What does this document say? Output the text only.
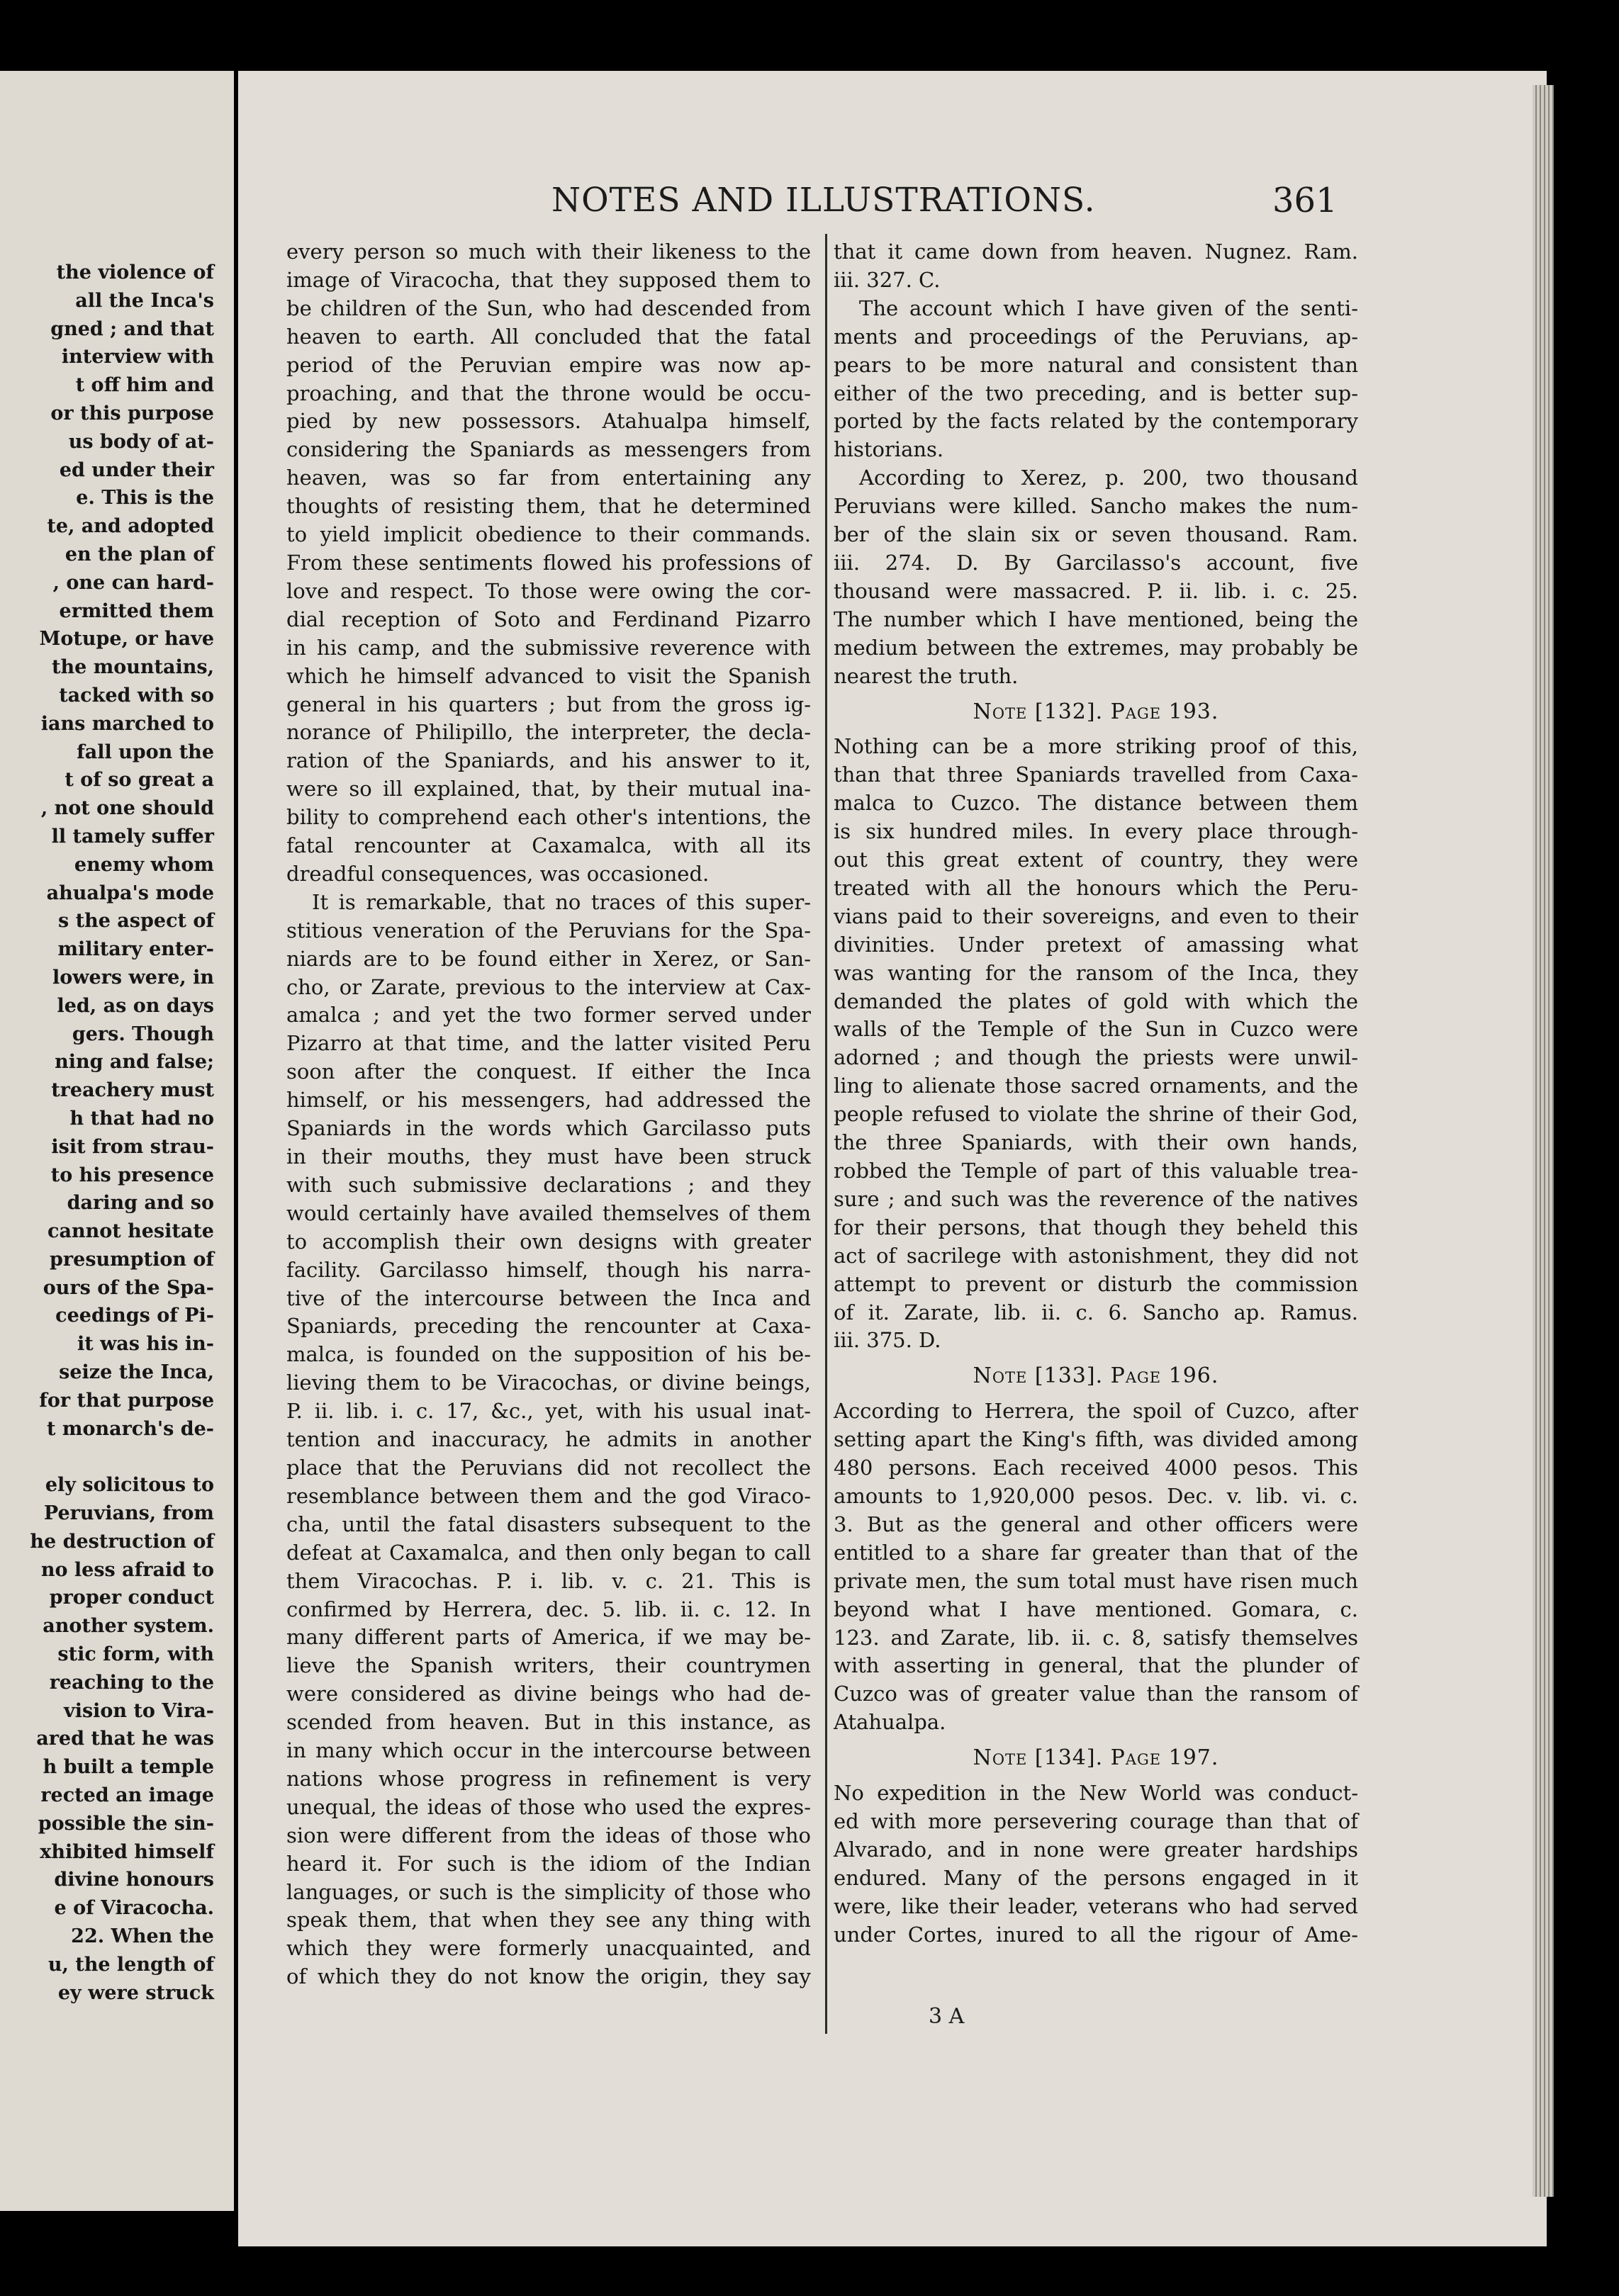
the violence of
all the Inca's
gned ; and that
interview with
t off him and
or this purpose
us body of at-
ed under their
e. This is the
te, and adopted
en the plan of
, one can hard-
ermitted them
Motupe, or have
the mountains,
tacked with so
ians marched to
fall upon the
t of so great a
, not one should
ll tamely suffer
enemy whom
ahualpa's mode
s the aspect of
military enter-
lowers were, in
led, as on days
gers. Though
ning and false;
treachery must
h that had no
isit from strau-
to his presence
daring and so
cannot hesitate
presumption of
ours of the Spa-
ceedings of Pi-
it was his in-
seize the Inca,
for that purpose
t monarch's de-

ely solicitous to
Peruvians, from
he destruction of
no less afraid to
proper conduct
another system.
stic form, with
reaching to the
vision to Vira-
ared that he was
h built a temple
rected an image
possible the sin-
xhibited himself
divine honours
e of Viracocha.
22. When the
u, the length of
ey were struck
NOTES AND ILLUSTRATIONS.	361

every person so much with their likeness to the

image of Viracocha, that they supposed them to

be children of the Sun, who had descended from

heaven to earth. All concluded that the fatal

period of the Peruvian empire was now ap-

proaching, and that the throne would be occu-

pied by new possessors. Atahualpa himself,

considering the Spaniards as messengers from

heaven, was so far from entertaining any

thoughts of resisting them, that he determined

to yield implicit obedience to their commands.

From these sentiments flowed his professions of

love and respect. To those were owing the cor-

dial reception of Soto and Ferdinand Pizarro

in his camp, and the submissive reverence with

which he himself advanced to visit the Spanish

general in his quarters ; but from the gross ig-

norance of Philipillo, the interpreter, the decla-

ration of the Spaniards, and his answer to it,

were so ill explained, that, by their mutual ina-

bility to comprehend each other's intentions, the

fatal rencounter at Caxamalca, with all its

dreadful consequences, was occasioned.

It is remarkable, that no traces of this super-

stitious veneration of the Peruvians for the Spa-

niards are to be found either in Xerez, or San-

cho, or Zarate, previous to the interview at Cax-

amalca ; and yet the two former served under

Pizarro at that time, and the latter visited Peru

soon after the conquest. If either the Inca

himself, or his messengers, had addressed the

Spaniards in the words which Garcilasso puts

in their mouths, they must have been struck

with such submissive declarations ; and they

would certainly have availed themselves of them

to accomplish their own designs with greater

facility. Garcilasso himself, though his narra-

tive of the intercourse between the Inca and

Spaniards, preceding the rencounter at Caxa-

malca, is founded on the supposition of his be-

lieving them to be Viracochas, or divine beings,

P. ii. lib. i. c. 17, &c., yet, with his usual inat-

tention and inaccuracy, he admits in another

place that the Peruvians did not recollect the

resemblance between them and the god Viraco-

cha, until the fatal disasters subsequent to the

defeat at Caxamalca, and then only began to call

them Viracochas. P. i. lib. v. c. 21. This is

confirmed by Herrera, dec. 5. lib. ii. c. 12. In

many different parts of America, if we may be-

lieve the Spanish writers, their countrymen

were considered as divine beings who had de-

scended from heaven. But in this instance, as

in many which occur in the intercourse between

nations whose progress in refinement is very

unequal, the ideas of those who used the expres-

sion were different from the ideas of those who

heard it. For such is the idiom of the Indian

languages, or such is the simplicity of those who

speak them, that when they see any thing with

which they were formerly unacquainted, and

of which they do not know the origin, they say

that it came down from heaven. Nugnez. Ram.

iii. 327. C.

The account which I have given of the senti-

ments and proceedings of the Peruvians, ap-

pears to be more natural and consistent than

either of the two preceding, and is better sup-

ported by the facts related by the contemporary

historians.

According to Xerez, p. 200, two thousand

Peruvians were killed. Sancho makes the num-

ber of the slain six or seven thousand. Ram.

iii. 274. D. By Garcilasso's account, five

thousand were massacred. P. ii. lib. i. c. 25.

The number which I have mentioned, being the

medium between the extremes, may probably be

nearest the truth.

Note [132]. Page 193.

Nothing can be a more striking proof of this,

than that three Spaniards travelled from Caxa-

malca to Cuzco. The distance between them

is six hundred miles. In every place through-

out this great extent of country, they were

treated with all the honours which the Peru-

vians paid to their sovereigns, and even to their

divinities. Under pretext of amassing what

was wanting for the ransom of the Inca, they

demanded the plates of gold with which the

walls of the Temple of the Sun in Cuzco were

adorned ; and though the priests were unwil-

ling to alienate those sacred ornaments, and the

people refused to violate the shrine of their God,

the three Spaniards, with their own hands,

robbed the Temple of part of this valuable trea-

sure ; and such was the reverence of the natives

for their persons, that though they beheld this

act of sacrilege with astonishment, they did not

attempt to prevent or disturb the commission

of it. Zarate, lib. ii. c. 6. Sancho ap. Ramus.

iii. 375. D.

Note [133]. Page 196.

According to Herrera, the spoil of Cuzco, after

setting apart the King's fifth, was divided among

480 persons. Each received 4000 pesos. This

amounts to 1,920,000 pesos. Dec. v. lib. vi. c.

3. But as the general and other officers were

entitled to a share far greater than that of the

private men, the sum total must have risen much

beyond what I have mentioned. Gomara, c.

123. and Zarate, lib. ii. c. 8, satisfy themselves

with asserting in general, that the plunder of

Cuzco was of greater value than the ransom of

Atahualpa.

Note [134]. Page 197.

No expedition in the New World was conduct-

ed with more persevering courage than that of

Alvarado, and in none were greater hardships

endured. Many of the persons engaged in it

were, like their leader, veterans who had served

under Cortes, inured to all the rigour of Ame-

3 A
